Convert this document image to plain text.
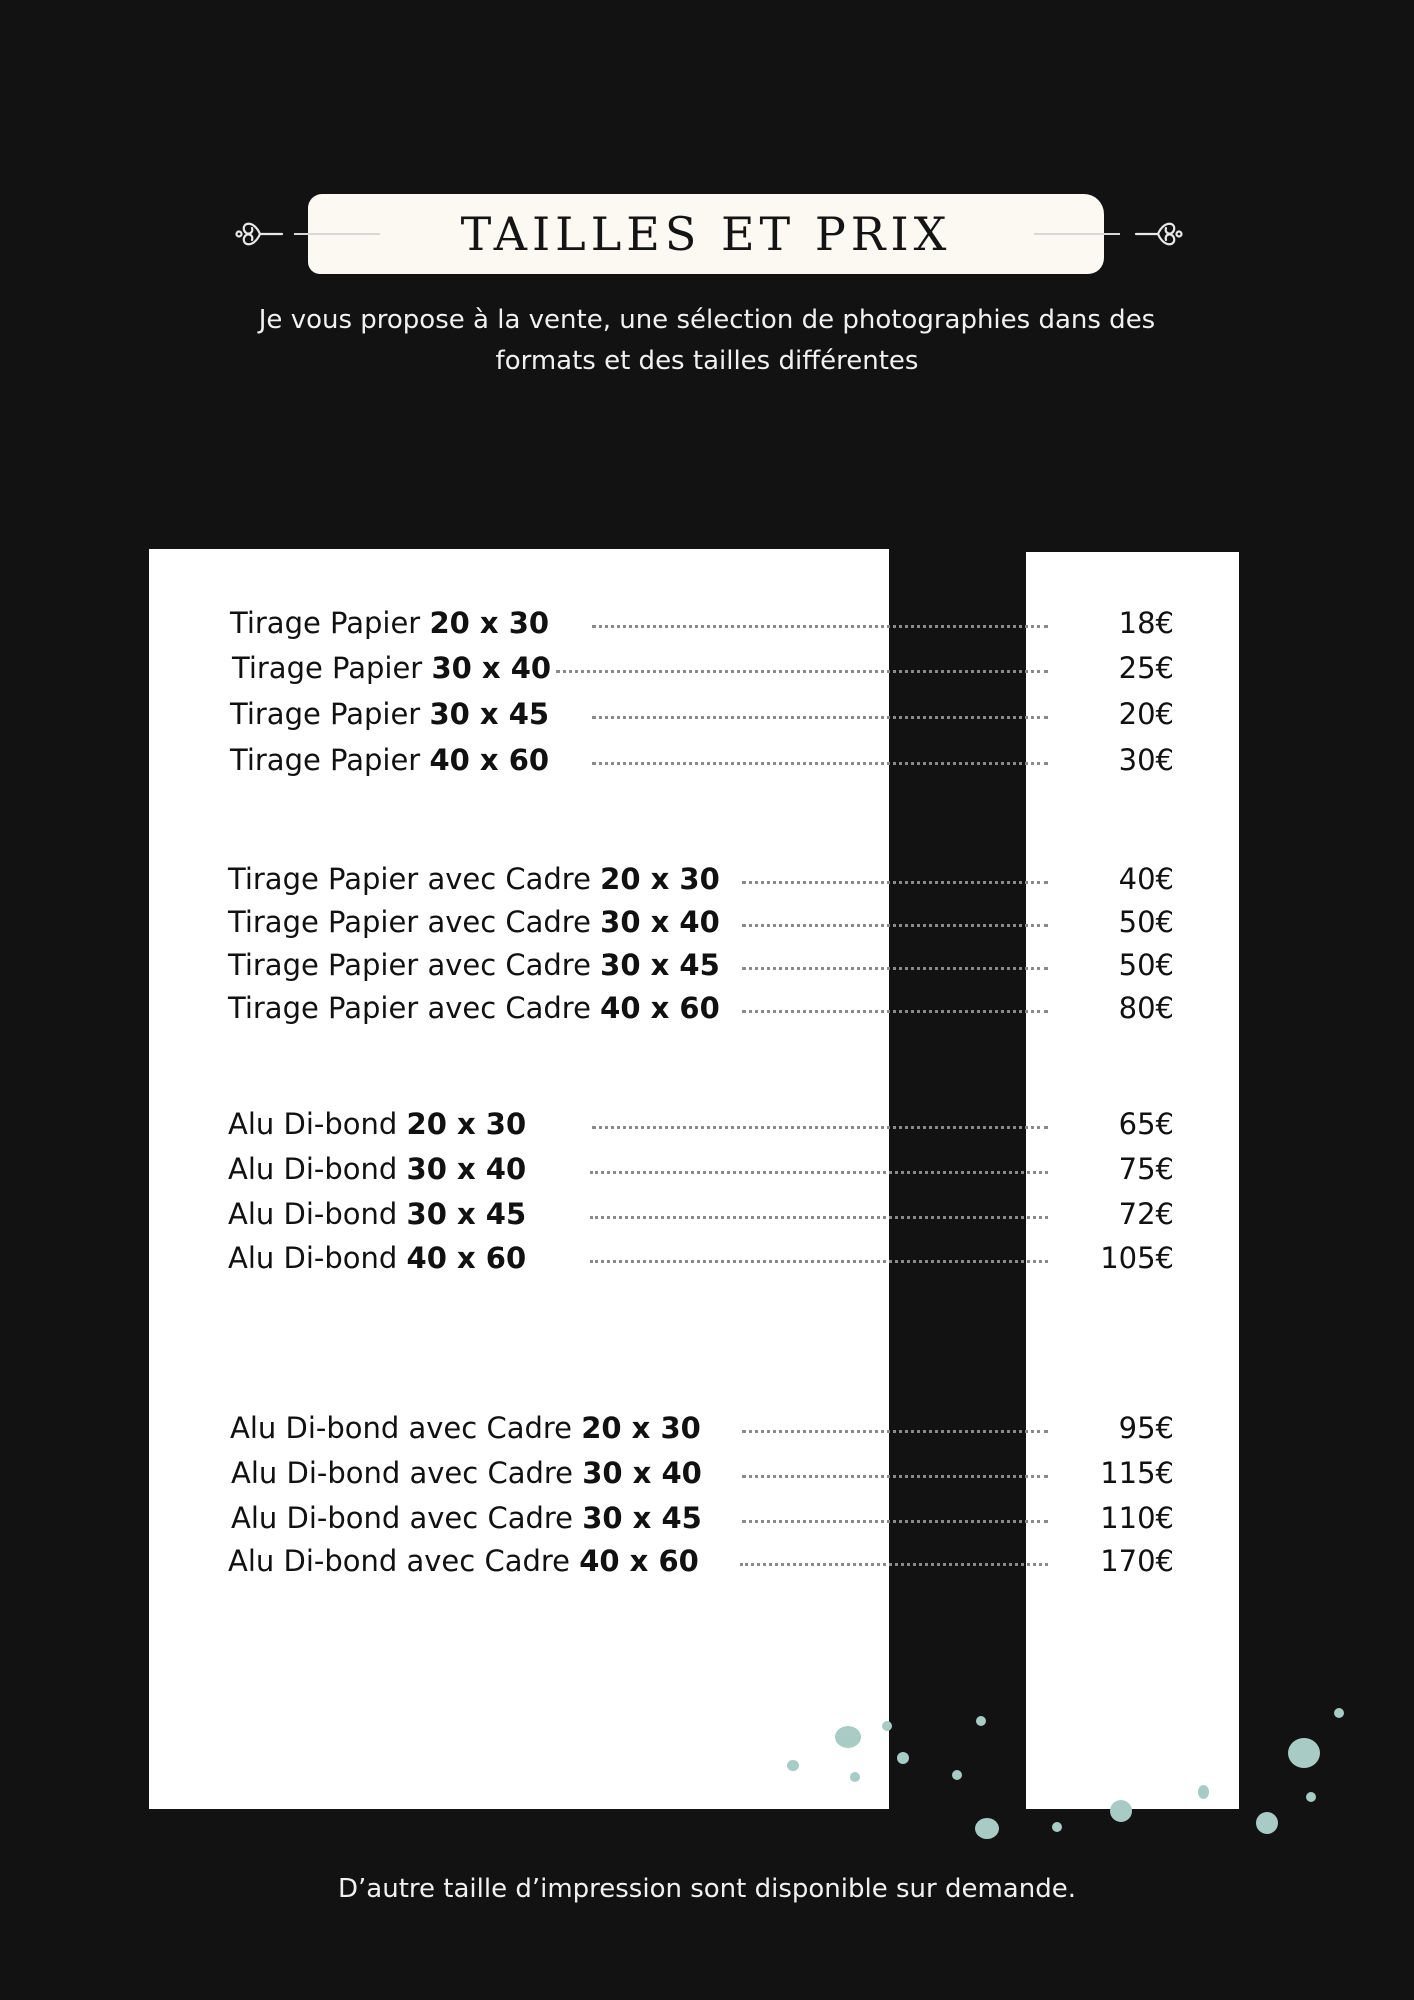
TAILLES ET PRIX
Je vous propose à la vente, une sélection de photographies dans des
formats et des tailles différentes
Tirage Papier 20 x 30	18€
Tirage Papier 30 x 40	25€
Tirage Papier 30 x 45	20€
Tirage Papier 40 x 60	30€
Tirage Papier avec Cadre 20 x 30	40€
Tirage Papier avec Cadre 30 x 40	50€
Tirage Papier avec Cadre 30 x 45	50€
Tirage Papier avec Cadre 40 x 60	80€
Alu Di-bond 20 x 30	65€
Alu Di-bond 30 x 40	75€
Alu Di-bond 30 x 45	72€
Alu Di-bond 40 x 60	105€
Alu Di-bond avec Cadre 20 x 30	95€
Alu Di-bond avec Cadre 30 x 40	115€
Alu Di-bond avec Cadre 30 x 45	110€
Alu Di-bond avec Cadre 40 x 60	170€
D’autre taille d’impression sont disponible sur demande.
